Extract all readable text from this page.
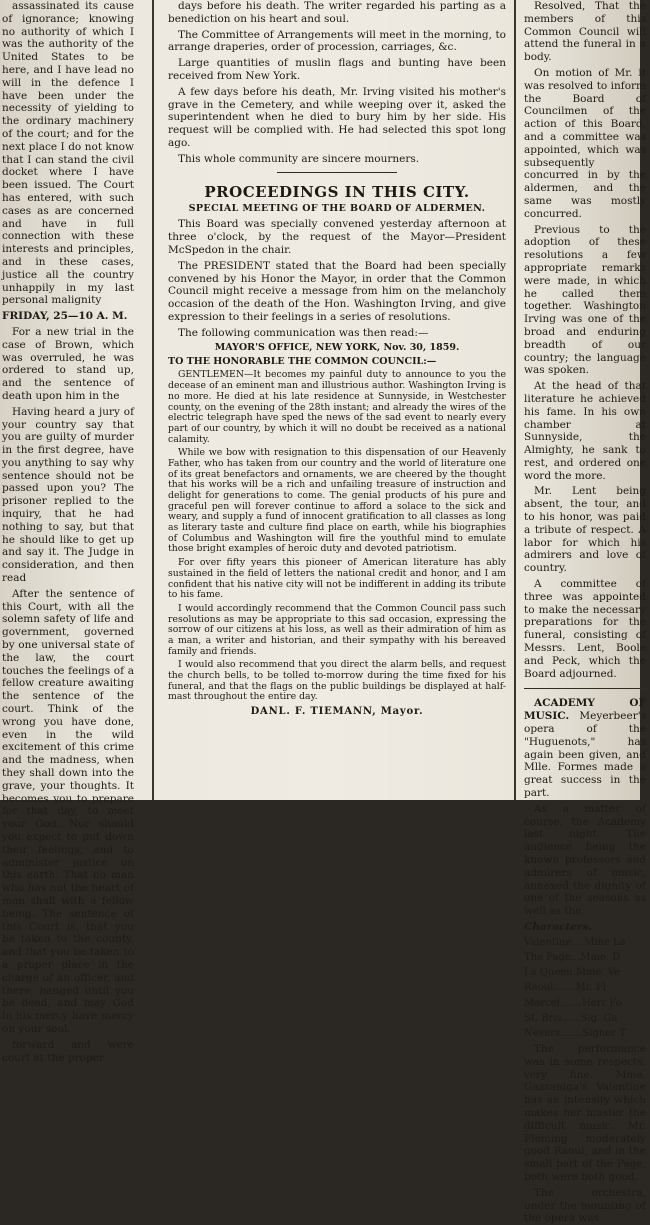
assassinated its cause of ignorance; knowing no authority of which I was the authority of the United States to be here, and I have lead no will in the defence I have been under the necessity of yielding to the ordinary machinery of the court; and for the next place I do not know that I can stand the civil docket where I have been issued. The Court has entered, with such cases as are concerned and have in full connection with these interests and principles, and in these cases, justice all the country unhappily in my last personal malignity

FRIDAY, 25—10 A. M.

For a new trial in the case of Brown, which was overruled, he was ordered to stand up, and the sentence of death upon him in the

Having heard a jury of your country say that you are guilty of murder in the first degree, have you anything to say why sentence should not be passed upon you? The prisoner replied to the inquiry, that he had nothing to say, but that he should like to get up and say it. The Judge in consideration, and then read

After the sentence of this Court, with all the solemn safety of life and government, governed by one universal state of the law, the court touches the feelings of a fellow creature awaiting the sentence of the court. Think of the wrong you have done, even in the wild excitement of this crime and the madness, when they shall down into the grave, your thoughts. It becomes you to prepare for that day, to meet your God. Nor should you expect to put down their feelings, and to administer justice on this earth. That no man who has not the heart of man shall with a fellow being. The sentence of this Court is, that you be taken to the county, and that you be taken to a proper place in the charge of an officer, and there, hanged until you be dead, and may God in his mercy have mercy on your soul.

forward and were court at the proper

days before his death. The writer regarded his parting as a benediction on his heart and soul.

The Committee of Arrangements will meet in the morning, to arrange draperies, order of procession, carriages, &c.

Large quantities of muslin flags and bunting have been received from New York.

A few days before his death, Mr. Irving visited his mother's grave in the Cemetery, and while weeping over it, asked the superintendent when he died to bury him by her side. His request will be complied with. He had selected this spot long ago.

This whole community are sincere mourners.

PROCEEDINGS IN THIS CITY.
SPECIAL MEETING OF THE BOARD OF ALDERMEN.

This Board was specially convened yesterday afternoon at three o'clock, by the request of the Mayor—President McSpedon in the chair.

The PRESIDENT stated that the Board had been specially convened by his Honor the Mayor, in order that the Common Council might receive a message from him on the melancholy occasion of the death of the Hon. Washington Irving, and give expression to their feelings in a series of resolutions.

The following communication was then read:—

MAYOR'S OFFICE, NEW YORK, Nov. 30, 1859.

TO THE HONORABLE THE COMMON COUNCIL:—

GENTLEMEN—It becomes my painful duty to announce to you the decease of an eminent man and illustrious author. Washington Irving is no more. He died at his late residence at Sunnyside, in Westchester county, on the evening of the 28th instant; and already the wires of the electric telegraph have sped the news of the sad event to nearly every part of our country, by which it will no doubt be received as a national calamity.

While we bow with resignation to this dispensation of our Heavenly Father, who has taken from our country and the world of literature one of its great benefactors and ornaments, we are cheered by the thought that his works will be a rich and unfailing treasure of instruction and delight for generations to come. The genial products of his pure and graceful pen will forever continue to afford a solace to the sick and weary, and supply a fund of innocent gratification to all classes as long as literary taste and culture find place on earth, while his biographies of Columbus and Washington will fire the youthful mind to emulate those bright examples of heroic duty and devoted patriotism.

For over fifty years this pioneer of American literature has ably sustained in the field of letters the national credit and honor, and I am confident that his native city will not be indifferent in adding its tribute to his fame.

I would accordingly recommend that the Common Council pass such resolutions as may be appropriate to this sad occasion, expressing the sorrow of our citizens at his loss, as well as their admiration of him as a man, a writer and historian, and their sympathy with his bereaved family and friends.

I would also recommend that you direct the alarm bells, and request the church bells, to be tolled to-morrow during the time fixed for his funeral, and that the flags on the public buildings be displayed at half-mast throughout the entire day.

DANL. F. TIEMANN, Mayor.

Resolved, That the members of this Common Council will attend the funeral in a body.

On motion of Mr. it was resolved to inform the Board of Councilmen of the action of this Board, and a committee was appointed, which was subsequently concurred in by the aldermen, and the same was mostly concurred.

Previous to the adoption of these resolutions a few appropriate remarks were made, in which he called them together. Washington Irving was one of the broad and enduring breadth of our country; the language was spoken.

At the head of that literature he achieved his fame. In his own chamber at Sunnyside, the Almighty, he sank to rest, and ordered one word the more.

Mr. Lent being absent, the tour, and to his honor, was paid a tribute of respect. A labor for which his admirers and love of country.

A committee of three was appointed to make the necessary preparations for the funeral, consisting of Messrs. Lent, Boole and Peck, which the Board adjourned.

ACADEMY OF MUSIC. Meyerbeer's opera of the "Huguenots," has again been given, and Mlle. Formes made a great success in the part.

As a matter of course, the Academy last night. The audience being the known professors and admirers of music, annexed the dignity of one of the seasons as well as the

Characters.

Valentine....Mme La

The Page...Mme. D

La Queen.Mme. Ve

Raoul.......Mr. Fl

Marcel.......Herr Fo

St. Bris......Sig. Ga

Nevers.......Signor T

The performance was in some respects, very fine. Mme. Gazzaniga's Valentine has an intensity which makes her master the difficult music. Mr. Fleming moderately good Raoul; and in the small part of the Page, both were both good.

The orchestra, under the mounting of the opera was
